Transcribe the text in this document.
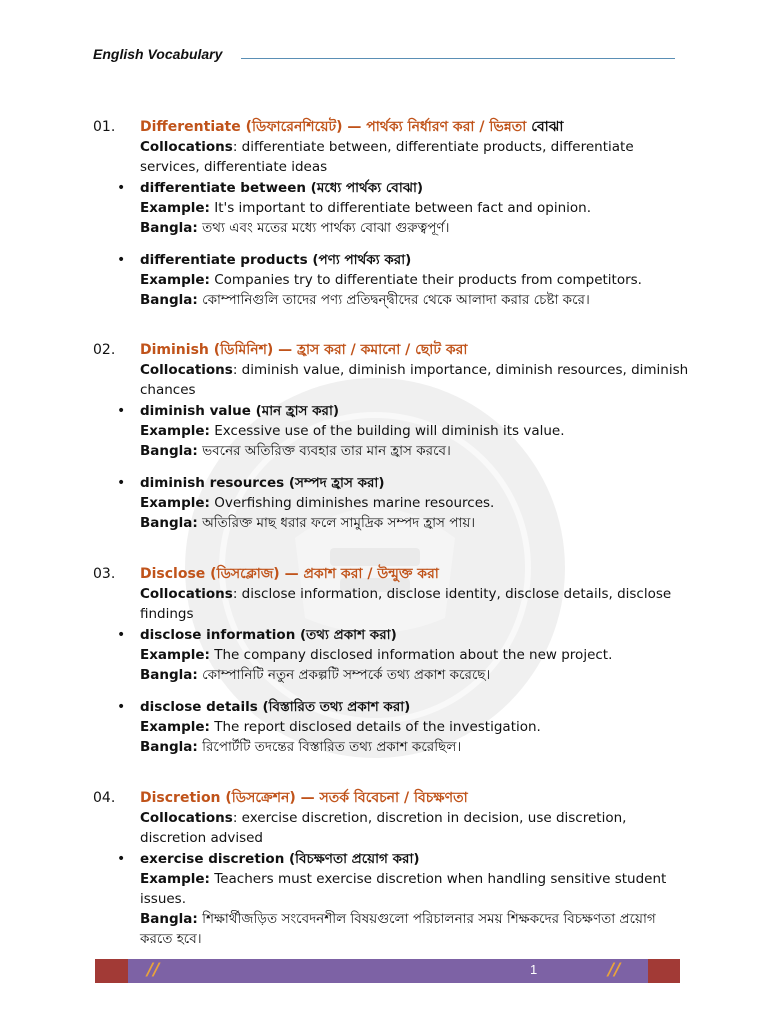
English Vocabulary
01. Differentiate (ডিফারেনশিয়েট) — পার্থক্য নির্ধারণ করা / ভিন্নতা বোঝা
Collocations: differentiate between, differentiate products, differentiate services, differentiate ideas
• differentiate between (মধ্যে পার্থক্য বোঝা)
Example: It's important to differentiate between fact and opinion.
Bangla: তথ্য এবং মতের মধ্যে পার্থক্য বোঝা গুরুত্বপূর্ণ।
• differentiate products (পণ্য পার্থক্য করা)
Example: Companies try to differentiate their products from competitors.
Bangla: কোম্পানিগুলি তাদের পণ্য প্রতিদ্বন্দ্বীদের থেকে আলাদা করার চেষ্টা করে।
02. Diminish (ডিমিনিশ) — হ্রাস করা / কমানো / ছোট করা
Collocations: diminish value, diminish importance, diminish resources, diminish chances
• diminish value (মান হ্রাস করা)
Example: Excessive use of the building will diminish its value.
Bangla: ভবনের অতিরিক্ত ব্যবহার তার মান হ্রাস করবে।
• diminish resources (সম্পদ হ্রাস করা)
Example: Overfishing diminishes marine resources.
Bangla: অতিরিক্ত মাছ ধরার ফলে সামুদ্রিক সম্পদ হ্রাস পায়।
03. Disclose (ডিসক্লোজ) — প্রকাশ করা / উন্মুক্ত করা
Collocations: disclose information, disclose identity, disclose details, disclose findings
• disclose information (তথ্য প্রকাশ করা)
Example: The company disclosed information about the new project.
Bangla: কোম্পানিটি নতুন প্রকল্পটি সম্পর্কে তথ্য প্রকাশ করেছে।
• disclose details (বিস্তারিত তথ্য প্রকাশ করা)
Example: The report disclosed details of the investigation.
Bangla: রিপোর্টটি তদন্তের বিস্তারিত তথ্য প্রকাশ করেছিল।
04. Discretion (ডিসক্রেশন) — সতর্ক বিবেচনা / বিচক্ষণতা
Collocations: exercise discretion, discretion in decision, use discretion, discretion advised
• exercise discretion (বিচক্ষণতা প্রয়োগ করা)
Example: Teachers must exercise discretion when handling sensitive student issues.
Bangla: শিক্ষার্থীজড়িত সংবেদনশীল বিষয়গুলো পরিচালনার সময় শিক্ষকদের বিচক্ষণতা প্রয়োগ করতে হবে।
//	1	//
